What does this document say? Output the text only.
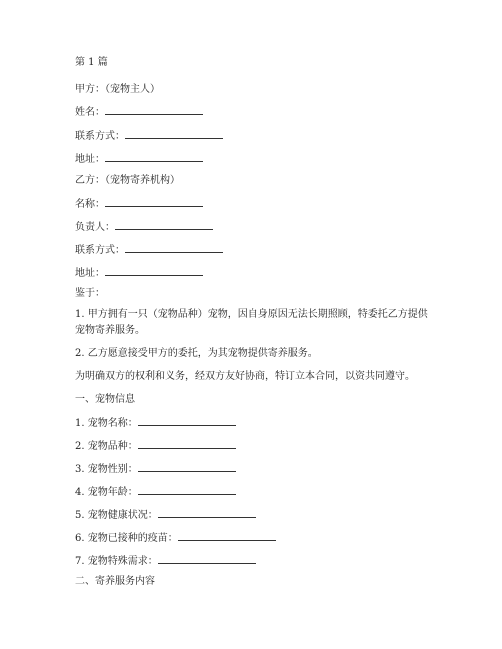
第 1 篇
甲方：（宠物主人）
姓名：
联系方式：
地址：
乙方：（宠物寄养机构）
名称：
负责人：
联系方式：
地址：
鉴于：
1. 甲方拥有一只（宠物品种）宠物，因自身原因无法长期照顾，特委托乙方提供宠物寄养服务。
2. 乙方愿意接受甲方的委托，为其宠物提供寄养服务。
为明确双方的权利和义务，经双方友好协商，特订立本合同，以资共同遵守。
一、宠物信息
1. 宠物名称：
2. 宠物品种：
3. 宠物性别：
4. 宠物年龄：
5. 宠物健康状况：
6. 宠物已接种的疫苗：
7. 宠物特殊需求：
二、寄养服务内容
